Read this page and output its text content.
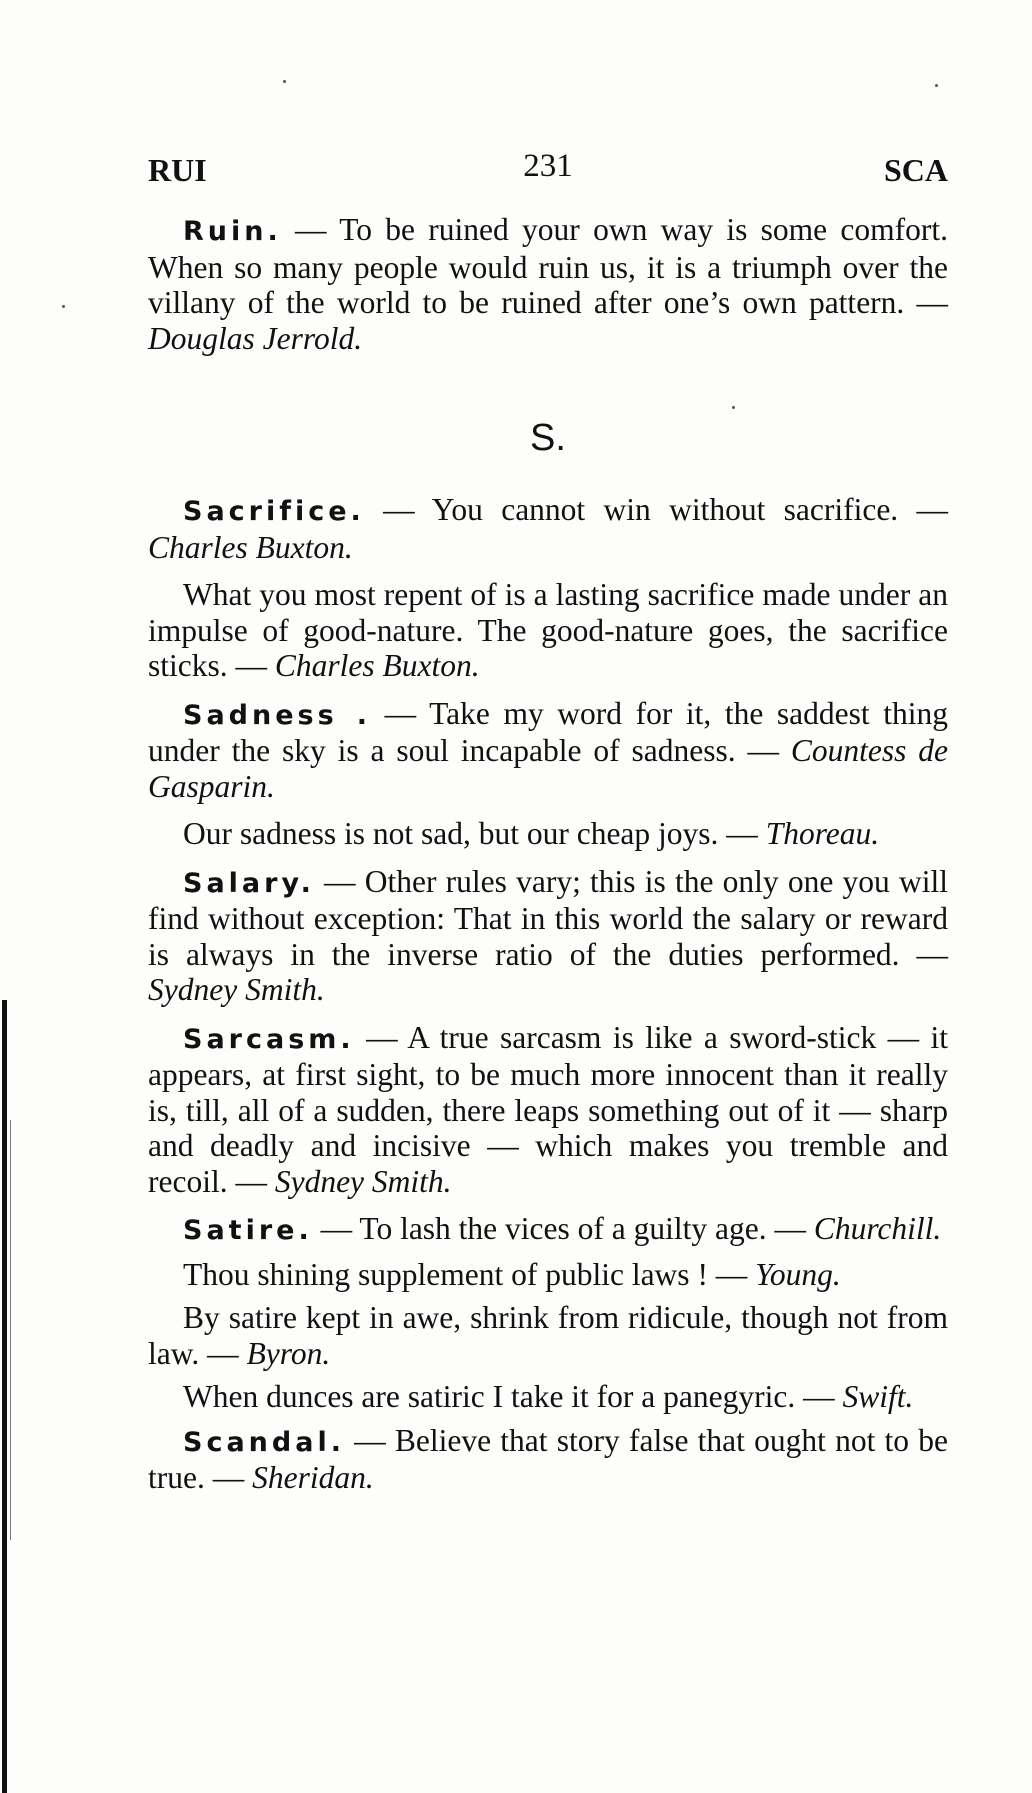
RUI	231	SCA

Ruin. — To be ruined your own way is some comfort. When so many people would ruin us, it is a triumph over the villany of the world to be ruined after one’s own pattern. — Douglas Jerrold.

S.

Sacrifice. — You cannot win without sacrifice. — Charles Buxton.

What you most repent of is a lasting sacrifice made under an impulse of good-nature. The good-nature goes, the sacrifice sticks. — Charles Buxton.

Sadness . — Take my word for it, the saddest thing under the sky is a soul incapable of sadness. — Countess de Gasparin.

Our sadness is not sad, but our cheap joys. — Thoreau.

Salary. — Other rules vary; this is the only one you will find without exception: That in this world the salary or reward is always in the inverse ratio of the duties performed. — Sydney Smith.

Sarcasm. — A true sarcasm is like a sword-stick — it appears, at first sight, to be much more innocent than it really is, till, all of a sudden, there leaps something out of it — sharp and deadly and incisive — which makes you tremble and recoil. — Sydney Smith.

Satire. — To lash the vices of a guilty age. — Churchill.

Thou shining supplement of public laws ! — Young.

By satire kept in awe, shrink from ridicule, though not from law. — Byron.

When dunces are satiric I take it for a panegyric. — Swift.

Scandal. — Believe that story false that ought not to be true. — Sheridan.
